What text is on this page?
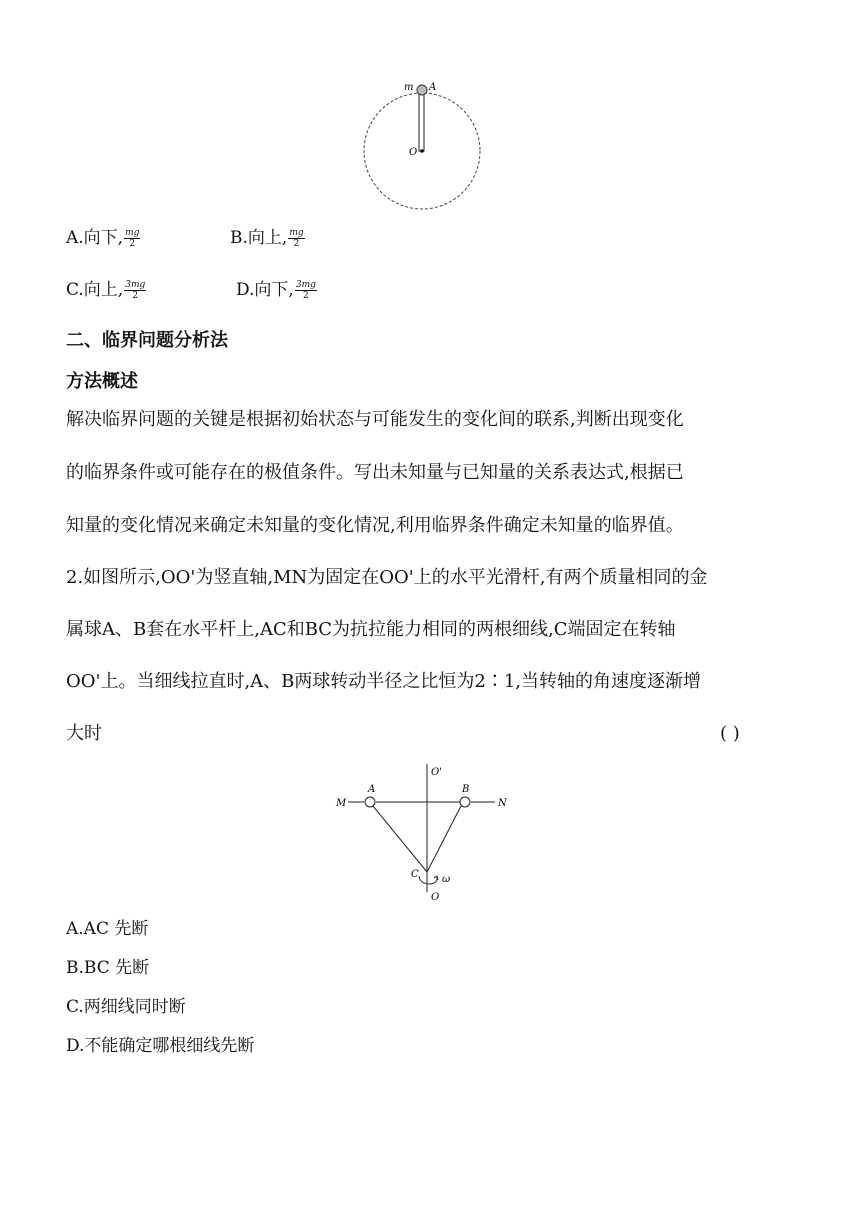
m A
O
A.向下, $\frac{mg}{2}$	B.向上, $\frac{mg}{2}$
C.向上, $\frac{3mg}{2}$	D.向下, $\frac{3mg}{2}$
二、临界问题分析法
方法概述
解决临界问题的关键是根据初始状态与可能发生的变化间的联系,判断出现变化
的临界条件或可能存在的极值条件。写出未知量与已知量的关系表达式,根据已
知量的变化情况来确定未知量的变化情况,利用临界条件确定未知量的临界值。
2.如图所示,OO'为竖直轴,MN为固定在OO'上的水平光滑杆,有两个质量相同的金
属球A、B套在水平杆上,AC和BC为抗拉能力相同的两根细线,C端固定在转轴
OO'上。当细线拉直时,A、B两球转动半径之比恒为2∶1,当转轴的角速度逐渐增
大时	( )
O'
M
A	B
N
C ω
O
A.AC 先断
B.BC 先断
C.两细线同时断
D.不能确定哪根细线先断
